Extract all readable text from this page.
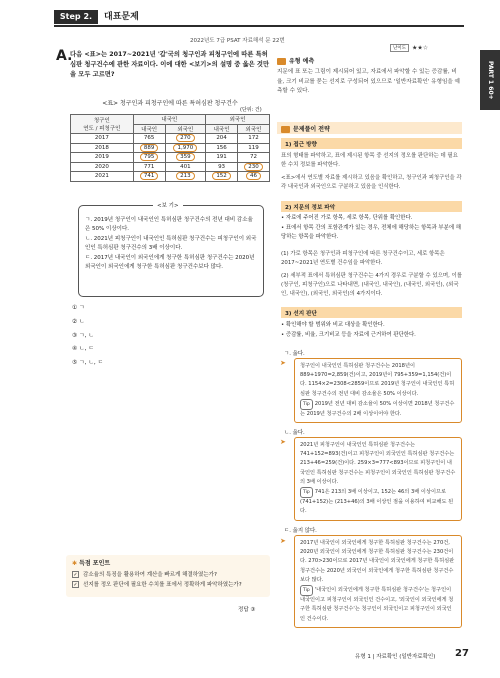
Step 2.	대표문제
PART 1 60+
2022년도 7급 PSAT 자료해석 문 22번
A.
다음 <표>는 2017~2021년 '갑'국의 청구인과 피청구인에 따른 특허심판 청구건수에 관한 자료이다. 이에 대한 <보기>의 설명 중 옳은 것만을 모두 고르면?
<표> 청구인과 피청구인에 따른 특허심판 청구건수
(단위: 건)
청구인
연도 / 피청구인	내국인		외국인	
	내국인	외국인	내국인	외국인
2017	765	270	204	172
2018	889	1,970	156	119
2019	795	359	191	72
2020	771	401	93	230
2021	741	213	152	46
<보 기>
ㄱ. 2019년 청구인이 내국인인 특허심판 청구건수의 전년 대비 감소율은 50% 이상이다.
ㄴ. 2021년 피청구인이 내국인인 특허심판 청구건수는 피청구인이 외국인인 특허심판 청구건수의 3배 이상이다.
ㄷ. 2017년 내국인이 외국인에게 청구한 특허심판 청구건수는 2020년 외국인이 외국인에게 청구한 특허심판 청구건수보다 많다.
① ㄱ
② ㄴ
③ ㄱ, ㄴ
④ ㄴ, ㄷ
⑤ ㄱ, ㄴ, ㄷ
✱ 득점 포인트
✓ 감소율의 특징을 활용하여 계산을 빠르게 해결하였는가?
✓ 선지를 정오 판단에 필요한 수치를 표에서 정확하게 파악하였는가?
정답 ③
난이도 ★★☆
유형 예측
지문에 표 또는 그림이 제시되어 있고, 자료에서 파악할 수 있는 증감률, 비율, 크기 비교를 묻는 선지로 구성되어 있으므로 '일반자료확인' 유형임을 예측할 수 있다.
문제풀이 전략
1) 접근 방향
표의 형태를 파악하고, 표에 제시된 항목 중 선지의 정오를 판단하는 데 필요한 수치 정보를 파악한다.
<표>에서 연도별 자료를 제시하고 있음을 확인하고, 청구인과 피청구인을 각각 내국인과 외국인으로 구분하고 있음을 인식한다.
2) 지문의 정보 파악
• 자료에 주어진 가로 항목, 세로 항목, 단위를 확인한다.
• 표에서 항목 간의 포함관계가 있는 경우, 전체에 해당하는 항목과 부분에 해당하는 항목을 파악한다.
(1) 가로 항목은 청구인과 피청구인에 따른 청구건수이고, 세로 항목은 2017~2021년 연도별 건수임을 파악한다.
(2) 세부적 표에서 특허심판 청구건수는 4가지 경우로 구분할 수 있으며, 이를 (청구인, 피청구인)으로 나타내면, (내국인, 내국인), (내국인, 외국인), (외국인, 내국인), (외국인, 외국인)의 4가지이다.
3) 선지 판단
• 확인해야 할 범위와 비교 대상을 확인한다.
• 증감률, 비율, 크기비교 등을 자료에 근거하여 판단한다.
ㄱ. 옳다.
➤	청구인이 내국인인 특허심판 청구건수는 2018년이 889+1970=2,859(건)이고, 2019년이 795+359=1,154(건)이다. 1154×2=2308<2859이므로 2019년 청구인이 내국인인 특허심판 청구건수의 전년 대비 감소율은 50% 이상이다.
Tip 2019년 전년 대비 감소율이 50% 이상이면 2018년 청구건수는 2019년 청구건수의 2배 이상이어야 한다.
ㄴ. 옳다.
➤	2021년 피청구인이 내국인인 특허심판 청구건수는 741+152=893(건)이고 피청구인이 외국인인 특허심판 청구건수는 213+46=259(건)이다. 259×3=777<893이므로 피청구인이 내국인인 특허심판 청구건수는 피청구인이 외국인인 특허심판 청구건수의 3배 이상이다.
Tip 741은 213의 3배 이상이고, 152는 46의 3배 이상이므로 (741+152)는 (213+46)의 3배 이상인 점을 이용하여 비교해도 된다.
ㄷ. 옳지 않다.
➤	2017년 내국인이 외국인에게 청구한 특허심판 청구건수는 270건, 2020년 외국인이 외국인에게 청구한 특허심판 청구건수는 230건이다. 270>230이므로 2017년 내국인이 외국인에게 청구한 특허심판 청구건수는 2020년 외국인이 외국인에게 청구한 특허심판 청구건수보다 많다.
Tip '내국인이 외국인에게 청구한 특허심판 청구건수'는 청구인이 내국인이고 피청구인이 외국인인 건수이고, '외국인이 외국인에게 청구한 특허심판 청구건수'는 청구인이 외국인이고 피청구인이 외국인인 건수이다.
유형 1 | 자료확인 (일반자료확인) 27
